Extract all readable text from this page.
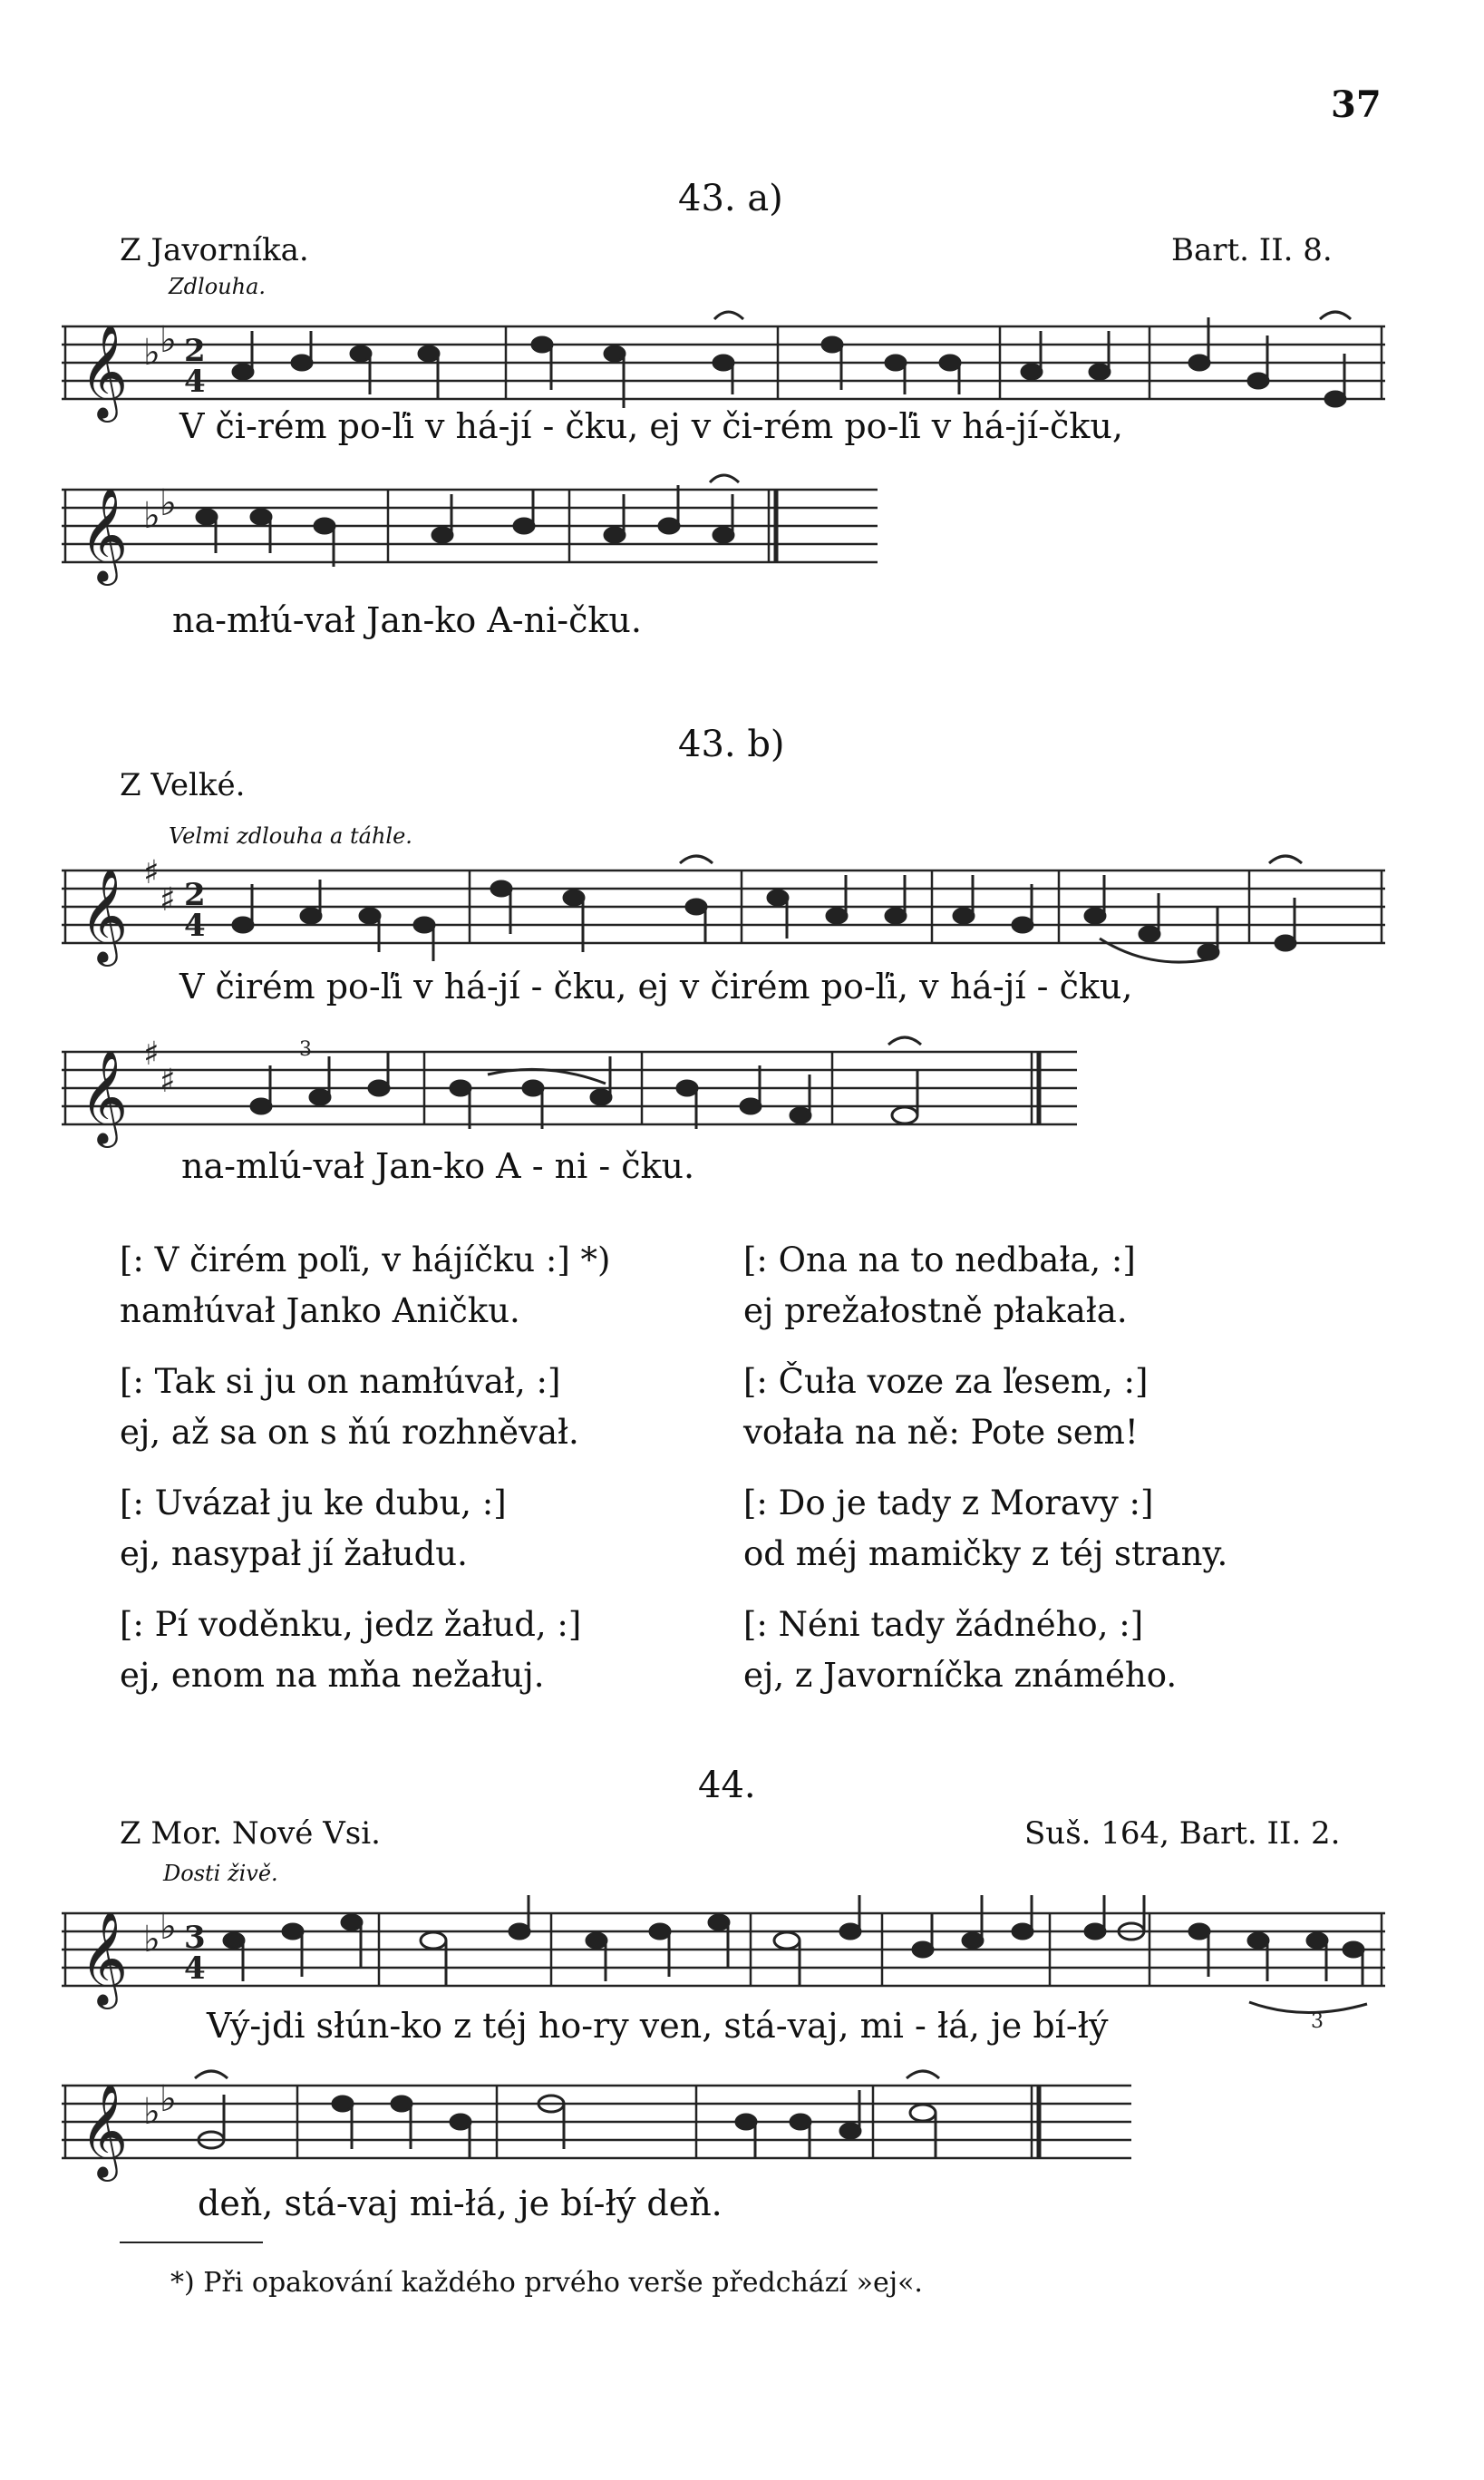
37
43. a)
Z Javorníka.	Bart. II. 8.
Zdlouha.
𝄞 ♭ ♭ 2
4
V či-rém po-ľi v há-jí - čku, ej v či-rém po-ľi v há-jí-čku,
𝄞 ♭ ♭
na-młú-vał Jan-ko A-ni-čku.
43. b)
Z Velké.
Velmi zdlouha a táhle.
𝄞 ♯
♯ 2
4
V čirém po-ľi v há-jí - čku, ej v čirém po-ľi, v há-jí - čku,
𝄞 ♯
♯
3
na-mlú-vał Jan-ko A - ni - čku.
[: V čirém poľi, v hájíčku :] *)
namłúvał Janko Aničku.
[: Tak si ju on namłúvał, :]
ej, až sa on s ňú rozhněvał.
[: Uvázał ju ke dubu, :]
ej, nasypał jí žałudu.
[: Pí voděnku, jedz žałud, :]
ej, enom na mňa nežałuj.
[: Ona na to nedbała, :]
ej prežałostně płakała.
[: Čuła voze za ľesem, :]
vołała na ně: Pote sem!
[: Do je tady z Moravy :]
od méj mamičky z téj strany.
[: Néni tady žádného, :]
ej, z Javorníčka známého.
44.
Z Mor. Nové Vsi.	Suš. 164, Bart. II. 2.
Dosti živě.
𝄞 ♭ ♭ 3
4
3
Vý-jdi słún-ko z téj ho-ry ven, stá-vaj, mi - łá, je bí-łý
𝄞 ♭ ♭
deň, stá-vaj mi-łá, je bí-łý deň.
*) Při opakování každého prvého verše předchází »ej«.
